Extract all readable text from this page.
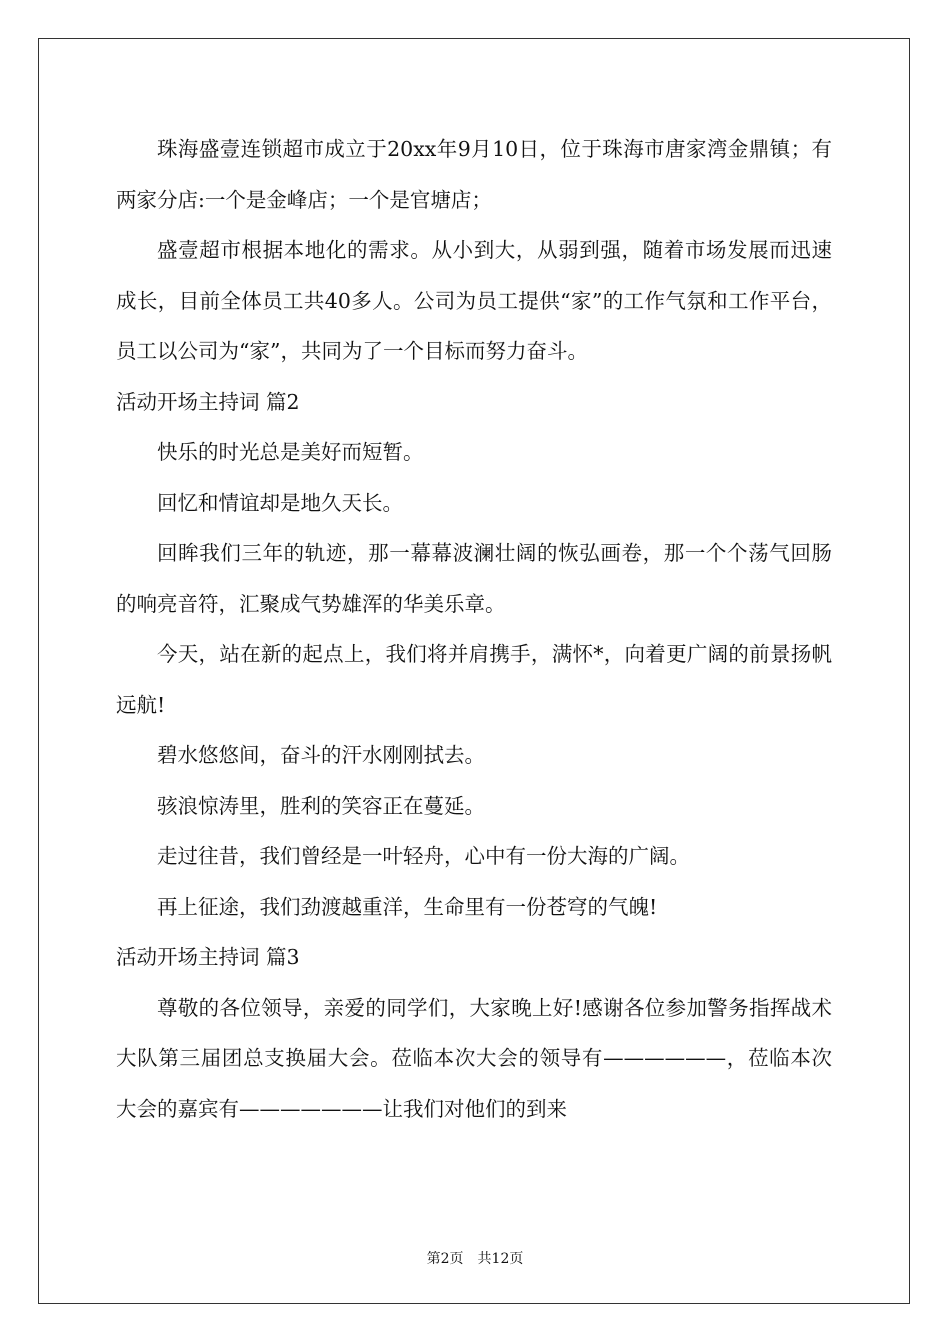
珠海盛壹连锁超市成立于20xx年9月10日，位于珠海市唐家湾金鼎镇；有两家分店:一个是金峰店；一个是官塘店；

盛壹超市根据本地化的需求。从小到大，从弱到强，随着市场发展而迅速成长，目前全体员工共40多人。公司为员工提供“家”的工作气氛和工作平台，员工以公司为“家”，共同为了一个目标而努力奋斗。

活动开场主持词 篇2

快乐的时光总是美好而短暂。

回忆和情谊却是地久天长。

回眸我们三年的轨迹，那一幕幕波澜壮阔的恢弘画卷，那一个个荡气回肠的响亮音符，汇聚成气势雄浑的华美乐章。

今天，站在新的起点上，我们将并肩携手，满怀*，向着更广阔的前景扬帆远航!

碧水悠悠间，奋斗的汗水刚刚拭去。

骇浪惊涛里，胜利的笑容正在蔓延。

走过往昔，我们曾经是一叶轻舟，心中有一份大海的广阔。

再上征途，我们劲渡越重洋，生命里有一份苍穹的气魄!

活动开场主持词 篇3

尊敬的各位领导，亲爱的同学们，大家晚上好!感谢各位参加警务指挥战术大队第三届团总支换届大会。莅临本次大会的领导有——————，莅临本次大会的嘉宾有———————让我们对他们的到来

第2页　共12页
